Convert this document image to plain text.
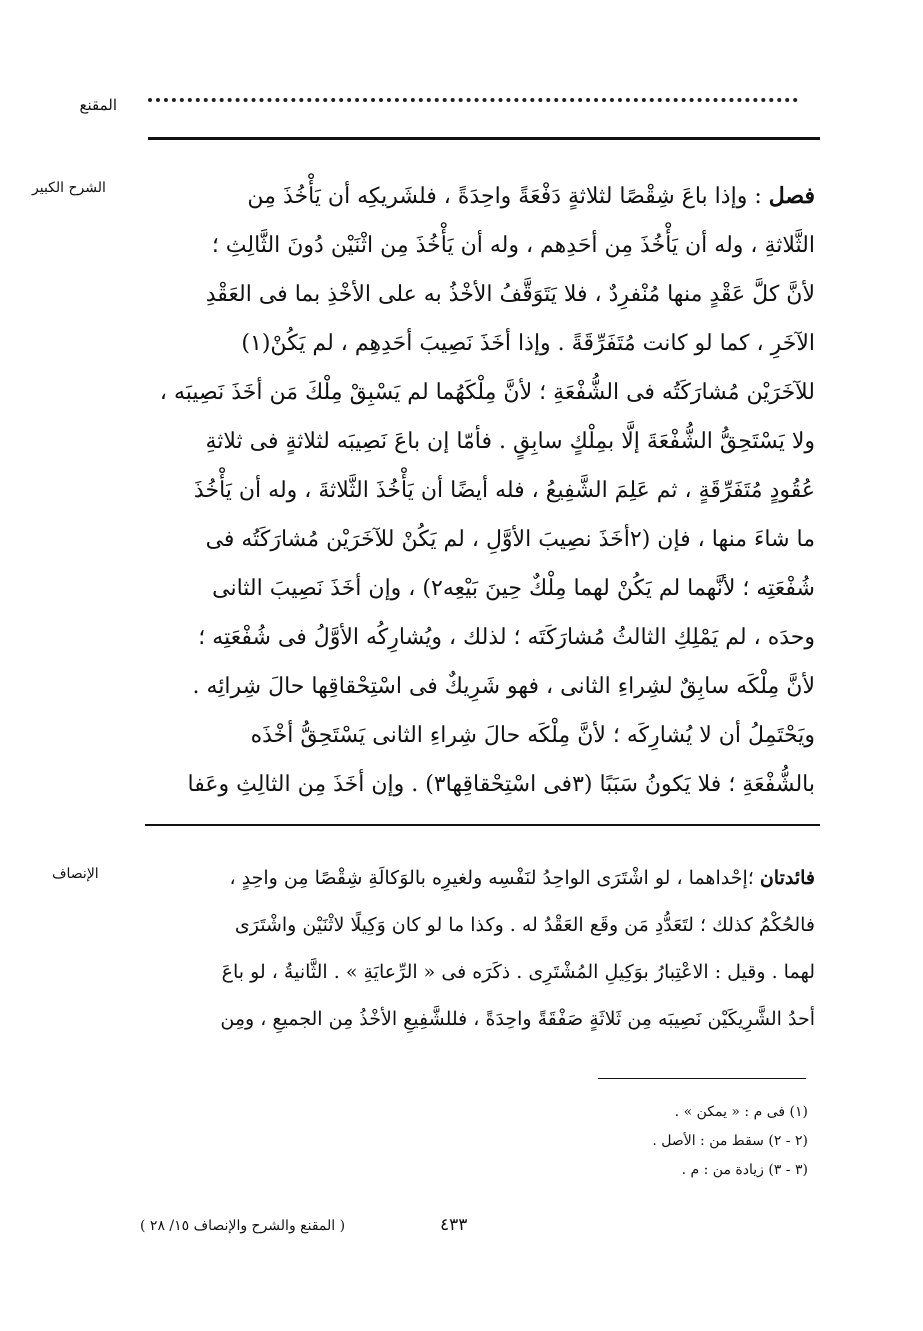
المقنع
الشرح الكبير
الإنصاف
فصل : وإذا باعَ شِقْصًا لثلاثةٍ دَفْعَةً واحِدَةً ، فلشَريكِه أن يَأْخُذَ مِن
الثَّلاثةِ ، وله أن يَأْخُذَ مِن أحَدِهم ، وله أن يَأْخُذَ مِن اثْنَيْن دُونَ الثَّالِثِ ؛
لأنَّ كلَّ عَقْدٍ منها مُنْفرِدٌ ، فلا يَتَوَقَّفُ الأخْذُ به على الأخْذِ بما فى العَقْدِ
الآخَرِ ، كما لو كانت مُتَفَرِّقَةً . وإذا أخَذَ نَصِيبَ أحَدِهِم ، لم يَكُنْ(١)
للآخَرَيْن مُشارَكَتُه فى الشُّفْعَةِ ؛ لأنَّ مِلْكَهُما لم يَسْبِقْ مِلْكَ مَن أخَذَ نَصِيبَه ،
ولا يَسْتَحِقُّ الشُّفْعَةَ إلَّا بمِلْكٍ سابِقٍ . فأمّا إن باعَ نَصِيبَه لثلاثةٍ فى ثلاثةِ
عُقُودٍ مُتَفَرِّقَةٍ ، ثم عَلِمَ الشَّفِيعُ ، فله أيضًا أن يَأْخُذَ الثَّلاثةَ ، وله أن يَأْخُذَ
ما شاءَ منها ، فإن (٢أخَذَ نصِيبَ الأوَّلِ ، لم يَكُنْ للآخَرَيْن مُشارَكَتُه فى
شُفْعَتِه ؛ لأنَّهما لم يَكُنْ لهما مِلْكٌ حِينَ بَيْعِه٢) ، وإن أخَذَ نَصِيبَ الثانى
وحدَه ، لم يَمْلِكِ الثالثُ مُشارَكَتَه ؛ لذلك ، ويُشارِكُه الأوَّلُ فى شُفْعَتِه ؛
لأنَّ مِلْكَه سابِقٌ لشِراءِ الثانى ، فهو شَرِيكٌ فى اسْتِحْقاقِها حالَ شِرائِه .
ويَحْتَمِلُ أن لا يُشارِكَه ؛ لأنَّ مِلْكَه حالَ شِراءِ الثانى يَسْتَحِقُّ أخْذَه
بالشُّفْعَةِ ؛ فلا يَكونُ سَبَبًا (٣فى اسْتِحْقاقِها٣) . وإن أخَذَ مِن الثالِثِ وعَفا
فائدتان ؛إحْداهما ، لو اشْتَرَى الواحِدُ لنَفْسِه ولغيرِه بالوَكالَةِ شِقْصًا مِن واحِدٍ ،
فالحُكْمُ كذلك ؛ لتَعَدُّدِ مَن وقَع العَقْدُ له . وكذا ما لو كان وَكِيلًا لاثْنَيْن واشْتَرَى
لهما . وقيل : الاعْتِبارُ بوَكِيلِ المُشْتَرِى . ذكَرَه فى « الرِّعايَةِ » . الثَّانيةُ ، لو باعَ
أحدُ الشَّرِيكَيْن نَصِيبَه مِن ثَلاثَةٍ صَفْقَةً واحِدَةً ، فللشَّفِيعِ الأخْذُ مِن الجميعِ ، ومِن
(١) فى م : « يمكن » .
(٢ - ٢) سقط من : الأصل .
(٣ - ٣) زيادة من : م .
٤٣٣
( المقنع والشرح والإنصاف ١٥/ ٢٨ )
